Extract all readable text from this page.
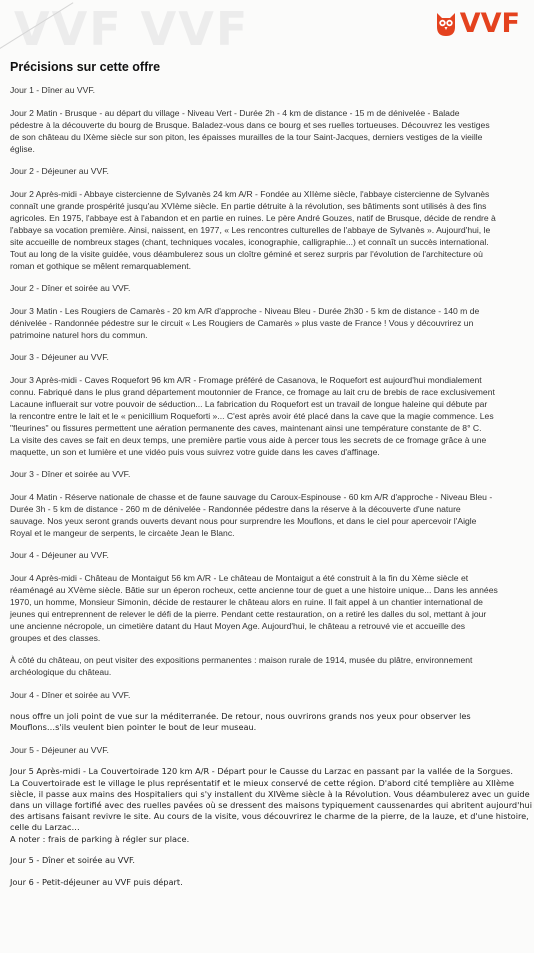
VVF VVF	VVF
Précisions sur cette offre
Jour 1 - Dîner au VVF.
Jour 2 Matin - Brusque - au départ du village - Niveau Vert - Durée 2h - 4 km de distance - 15 m de dénivelée - Balade
pédestre à la découverte du bourg de Brusque. Baladez-vous dans ce bourg et ses ruelles tortueuses. Découvrez les vestiges
de son château du IXème siècle sur son piton, les épaisses murailles de la tour Saint-Jacques, derniers vestiges de la vieille
église.
Jour 2 - Déjeuner au VVF.
Jour 2 Après-midi - Abbaye cistercienne de Sylvanès 24 km A/R - Fondée au XIIème siècle, l'abbaye cistercienne de Sylvanès
connaît une grande prospérité jusqu'au XVIème siècle. En partie détruite à la révolution, ses bâtiments sont utilisés à des fins
agricoles. En 1975, l'abbaye est à l'abandon et en partie en ruines. Le père André Gouzes, natif de Brusque, décide de rendre à
l'abbaye sa vocation première. Ainsi, naissent, en 1977, « Les rencontres culturelles de l'abbaye de Sylvanès ». Aujourd'hui, le
site accueille de nombreux stages (chant, techniques vocales, iconographie, calligraphie...) et connaît un succès international.
Tout au long de la visite guidée, vous déambulerez sous un cloître géminé et serez surpris par l'évolution de l'architecture où
roman et gothique se mêlent remarquablement.
Jour 2 - Dîner et soirée au VVF.
Jour 3 Matin - Les Rougiers de Camarès - 20 km A/R d'approche - Niveau Bleu - Durée 2h30 - 5 km de distance - 140 m de
dénivelée - Randonnée pédestre sur le circuit « Les Rougiers de Camarès » plus vaste de France ! Vous y découvrirez un
patrimoine naturel hors du commun.
Jour 3 - Déjeuner au VVF.
Jour 3 Après-midi - Caves Roquefort 96 km A/R - Fromage préféré de Casanova, le Roquefort est aujourd'hui mondialement
connu. Fabriqué dans le plus grand département moutonnier de France, ce fromage au lait cru de brebis de race exclusivement
Lacaune influerait sur votre pouvoir de séduction... La fabrication du Roquefort est un travail de longue haleine qui débute par
la rencontre entre le lait et le « penicillium Roqueforti »... C'est après avoir été placé dans la cave que la magie commence. Les
"fleurines" ou fissures permettent une aération permanente des caves, maintenant ainsi une température constante de 8° C.
La visite des caves se fait en deux temps, une première partie vous aide à percer tous les secrets de ce fromage grâce à une
maquette, un son et lumière et une vidéo puis vous suivrez votre guide dans les caves d'affinage.
Jour 3 - Dîner et soirée au VVF.
Jour 4 Matin - Réserve nationale de chasse et de faune sauvage du Caroux-Espinouse - 60 km A/R d'approche - Niveau Bleu -
Durée 3h - 5 km de distance - 260 m de dénivelée - Randonnée pédestre dans la réserve à la découverte d'une nature
sauvage. Nos yeux seront grands ouverts devant nous pour surprendre les Mouflons, et dans le ciel pour apercevoir l'Aigle
Royal et le mangeur de serpents, le circaète Jean le Blanc.
Jour 4 - Déjeuner au VVF.
Jour 4 Après-midi - Château de Montaigut 56 km A/R - Le château de Montaigut a été construit à la fin du Xème siècle et
réaménagé au XVème siècle. Bâtie sur un éperon rocheux, cette ancienne tour de guet a une histoire unique... Dans les années
1970, un homme, Monsieur Simonin, décide de restaurer le château alors en ruine. Il fait appel à un chantier international de
jeunes qui entreprennent de relever le défi de la pierre. Pendant cette restauration, on a retiré les dalles du sol, mettant à jour
une ancienne nécropole, un cimetière datant du Haut Moyen Age. Aujourd'hui, le château a retrouvé vie et accueille des
groupes et des classes.
À côté du château, on peut visiter des expositions permanentes : maison rurale de 1914, musée du plâtre, environnement
archéologique du château.
Jour 4 - Dîner et soirée au VVF.
nous offre un joli point de vue sur la méditerranée. De retour, nous ouvrirons grands nos yeux pour observer les
Mouflons…s'ils veulent bien pointer le bout de leur museau.
Jour 5 - Déjeuner au VVF.
Jour 5 Après-midi - La Couvertoirade 120 km A/R - Départ pour le Causse du Larzac en passant par la vallée de la Sorgues.
La Couvertoirade est le village le plus représentatif et le mieux conservé de cette région. D'abord cité templière au XIIème
siècle, il passe aux mains des Hospitaliers qui s'y installent du XIVème siècle à la Révolution. Vous déambulerez avec un guide
dans un village fortifié avec des ruelles pavées où se dressent des maisons typiquement caussenardes qui abritent aujourd'hui
des artisans faisant revivre le site. Au cours de la visite, vous découvrirez le charme de la pierre, de la lauze, et d'une histoire,
celle du Larzac…
A noter : frais de parking à régler sur place.
Jour 5 - Dîner et soirée au VVF.
Jour 6 - Petit-déjeuner au VVF puis départ.
